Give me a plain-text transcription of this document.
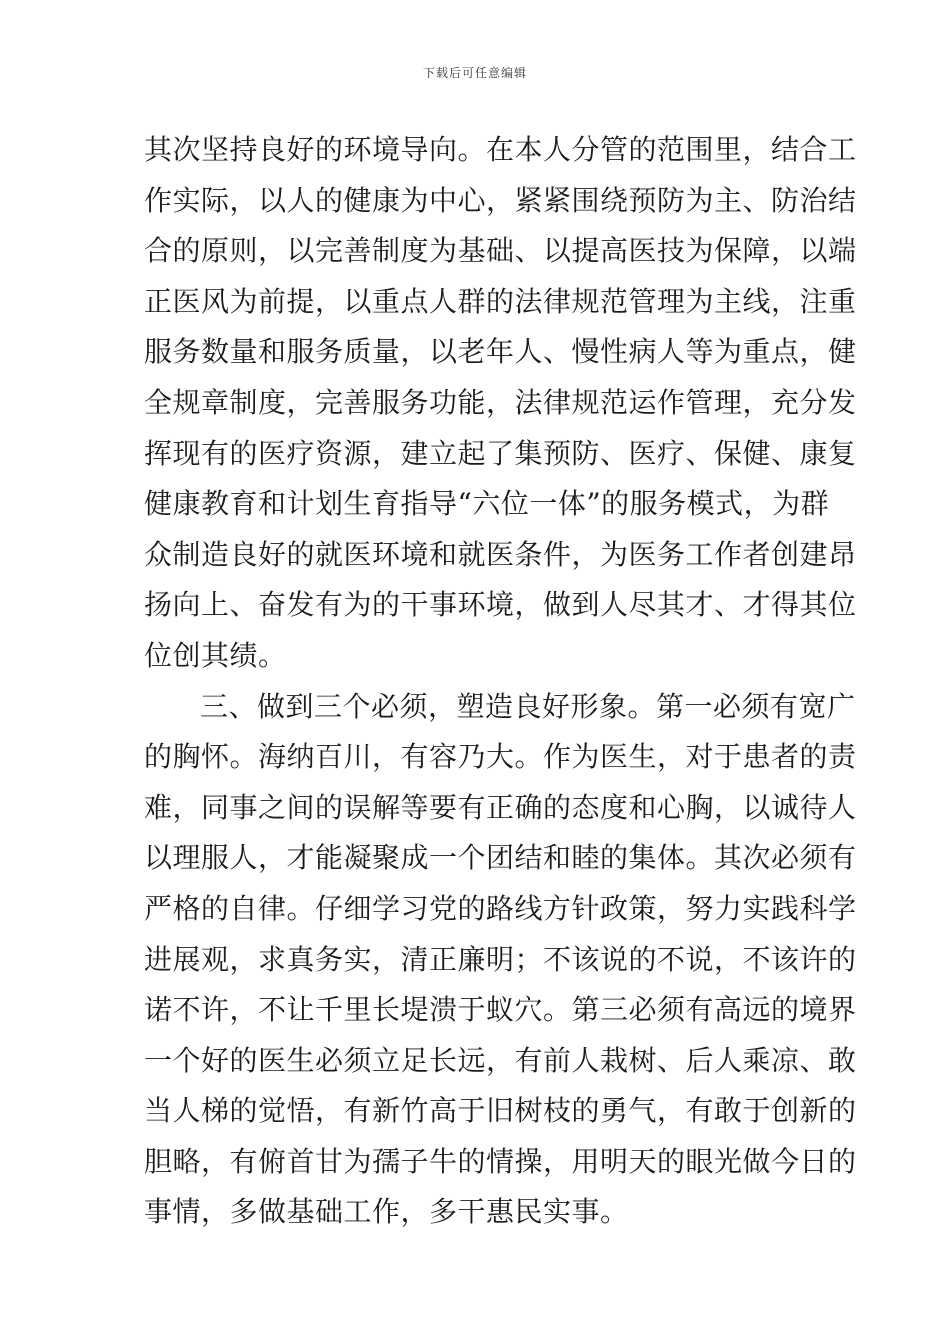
下载后可任意编辑
其次坚持良好的环境导向。在本人分管的范围里，结合工
作实际，以人的健康为中心，紧紧围绕预防为主、防治结
合的原则，以完善制度为基础、以提高医技为保障，以端
正医风为前提，以重点人群的法律规范管理为主线，注重
服务数量和服务质量，以老年人、慢性病人等为重点，健
全规章制度，完善服务功能，法律规范运作管理，充分发
挥现有的医疗资源，建立起了集预防、医疗、保健、康复
健康教育和计划生育指导“六位一体”的服务模式，为群
众制造良好的就医环境和就医条件，为医务工作者创建昂
扬向上、奋发有为的干事环境，做到人尽其才、才得其位
位创其绩。
三、做到三个必须，塑造良好形象。第一必须有宽广
的胸怀。海纳百川，有容乃大。作为医生，对于患者的责
难，同事之间的误解等要有正确的态度和心胸，以诚待人
以理服人，才能凝聚成一个团结和睦的集体。其次必须有
严格的自律。仔细学习党的路线方针政策，努力实践科学
进展观，求真务实，清正廉明；不该说的不说，不该许的
诺不许，不让千里长堤溃于蚁穴。第三必须有高远的境界
一个好的医生必须立足长远，有前人栽树、后人乘凉、敢
当人梯的觉悟，有新竹高于旧树枝的勇气，有敢于创新的
胆略，有俯首甘为孺子牛的情操，用明天的眼光做今日的
事情，多做基础工作，多干惠民实事。
